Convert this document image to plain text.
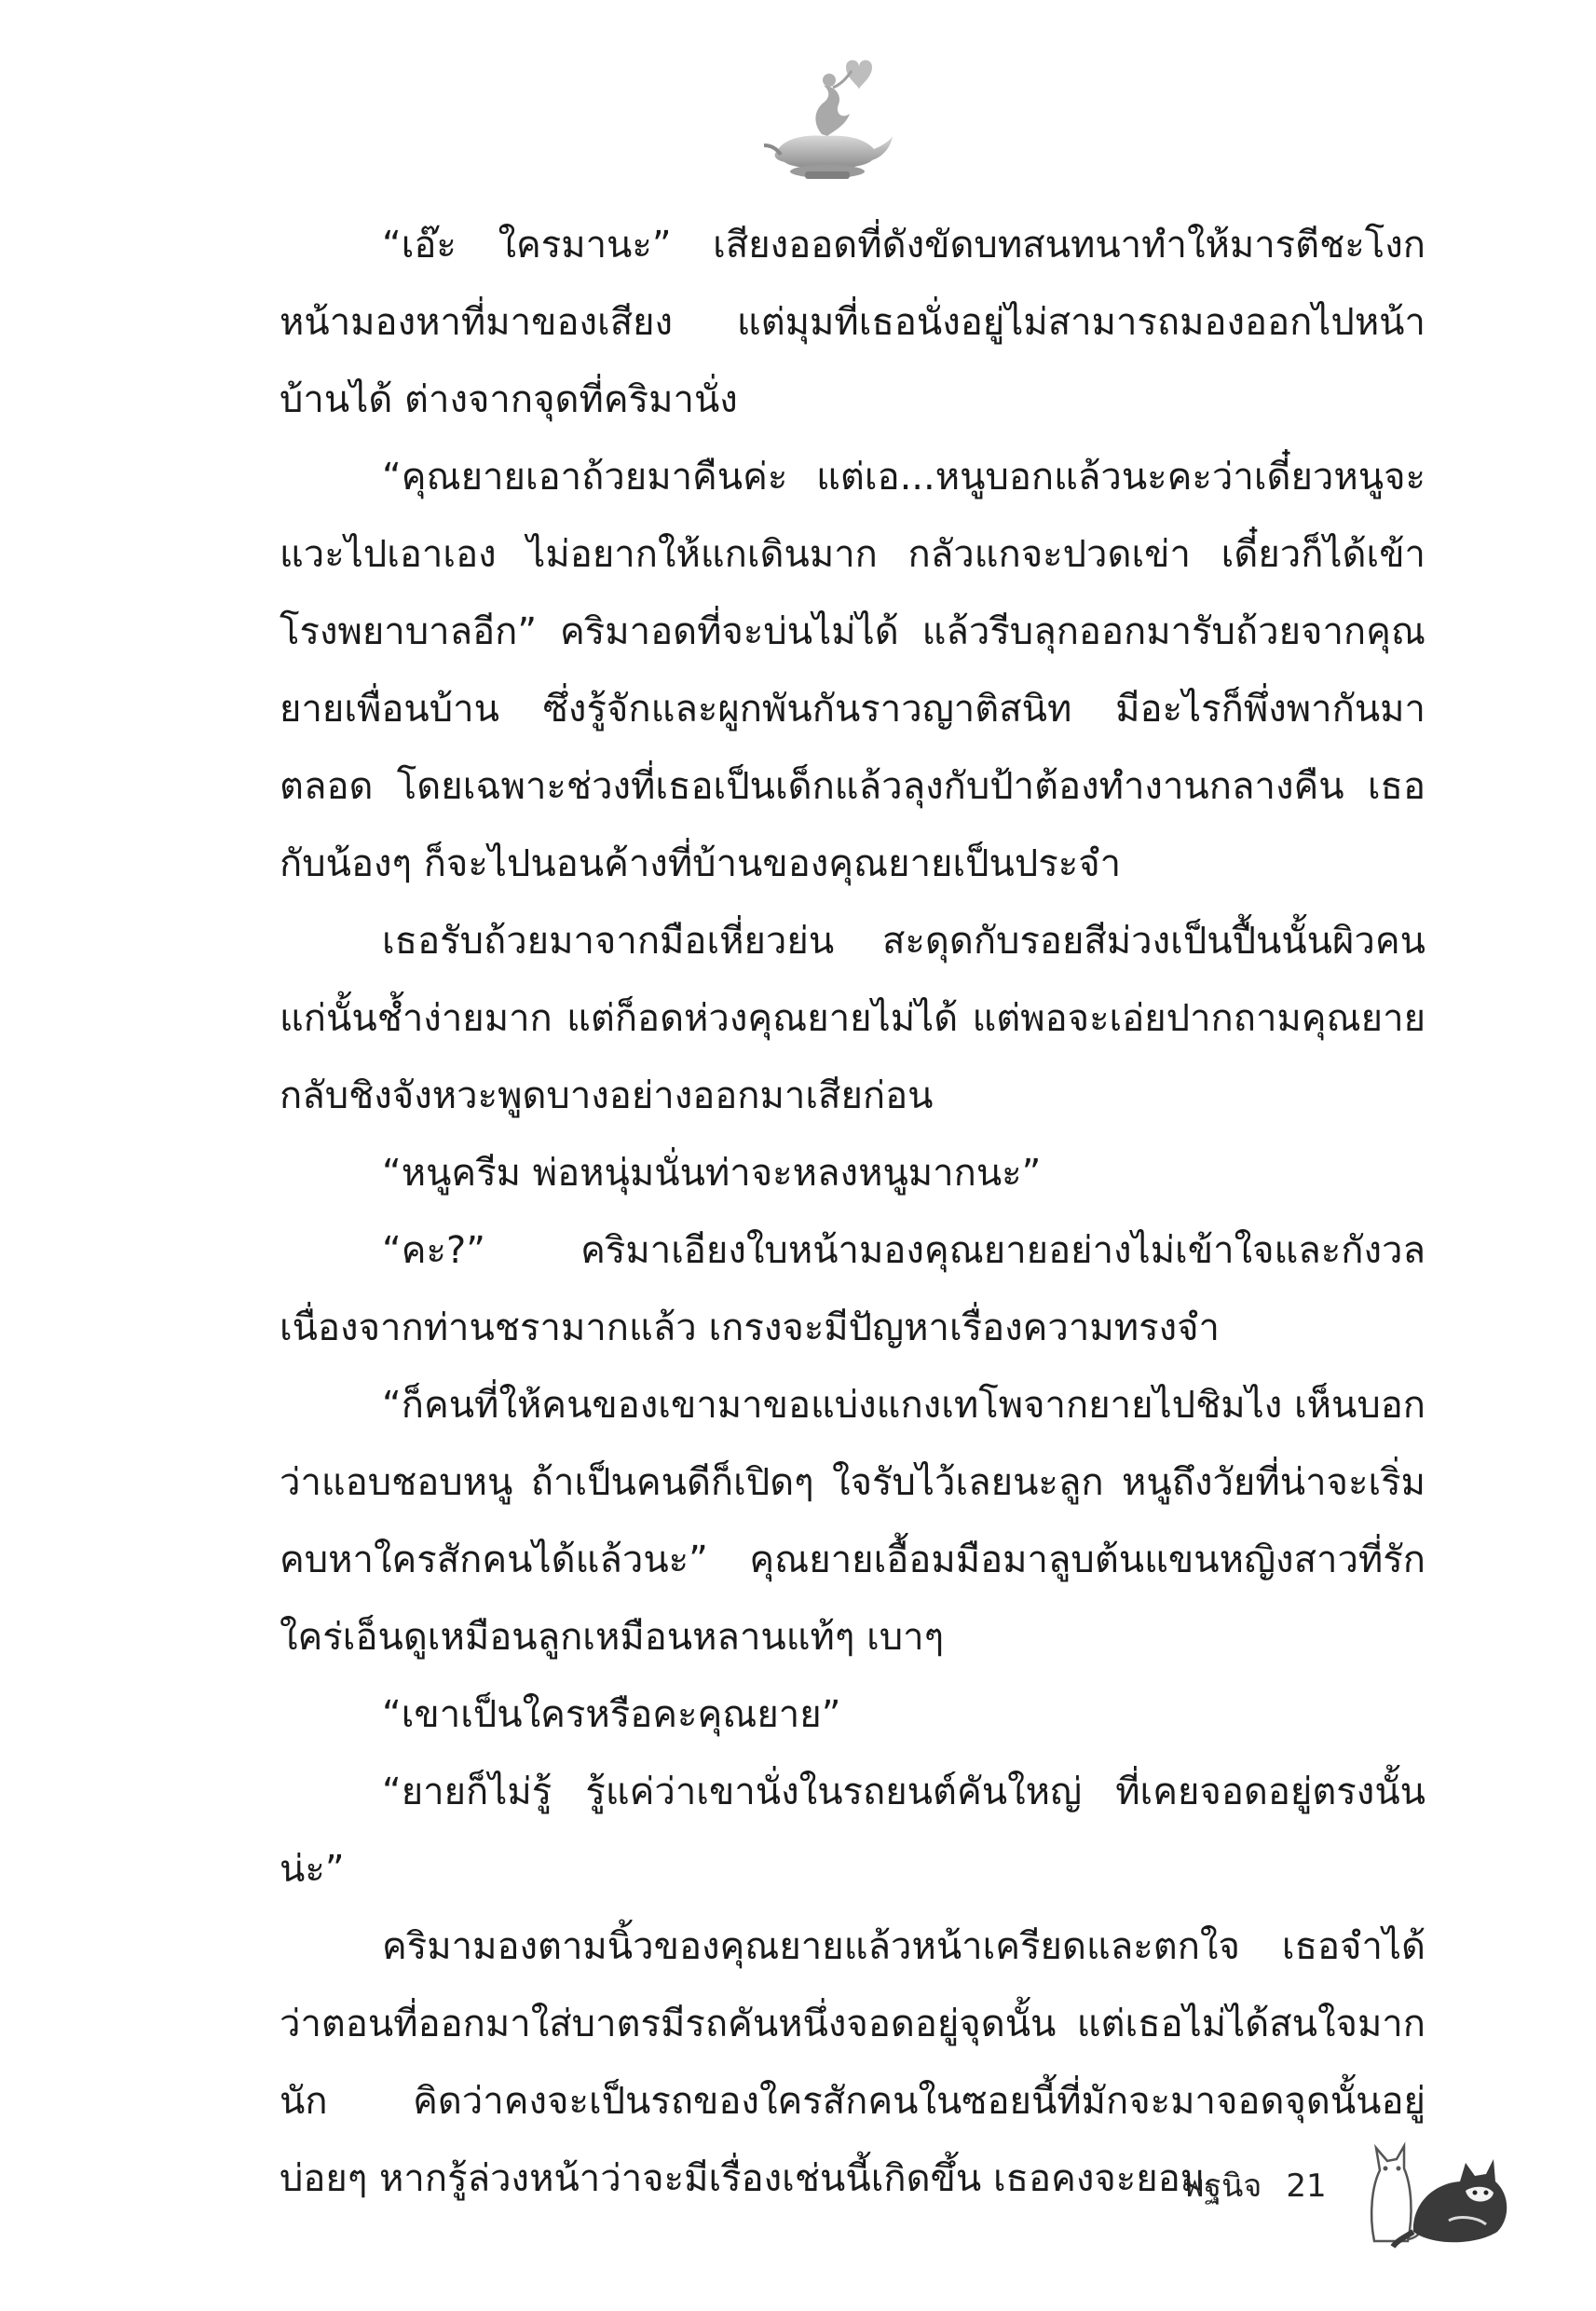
“เอ๊ะ ใครมานะ” เสียงออดที่ดังขัดบทสนทนาทำให้มารตีชะโงกหน้ามองหาที่มาของเสียง แต่มุมที่เธอนั่งอยู่ไม่สามารถมองออกไปหน้าบ้านได้ ต่างจากจุดที่คริมานั่ง

“คุณยายเอาถ้วยมาคืนค่ะ แต่เอ...หนูบอกแล้วนะคะว่าเดี๋ยวหนูจะแวะไปเอาเอง ไม่อยากให้แกเดินมาก กลัวแกจะปวดเข่า เดี๋ยวก็ได้เข้าโรงพยาบาลอีก” คริมาอดที่จะบ่นไม่ได้ แล้วรีบลุกออกมารับถ้วยจากคุณยายเพื่อนบ้าน ซึ่งรู้จักและผูกพันกันราวญาติสนิท มีอะไรก็พึ่งพากันมาตลอด โดยเฉพาะช่วงที่เธอเป็นเด็กแล้วลุงกับป้าต้องทำงานกลางคืน เธอกับน้องๆ ก็จะไปนอนค้างที่บ้านของคุณยายเป็นประจำ

เธอรับถ้วยมาจากมือเหี่ยวย่น สะดุดกับรอยสีม่วงเป็นปื้นนั้นผิวคนแก่นั้นช้ำง่ายมาก แต่ก็อดห่วงคุณยายไม่ได้ แต่พอจะเอ่ยปากถามคุณยายกลับชิงจังหวะพูดบางอย่างออกมาเสียก่อน

“หนูครีม พ่อหนุ่มนั่นท่าจะหลงหนูมากนะ”

“คะ?” คริมาเอียงใบหน้ามองคุณยายอย่างไม่เข้าใจและกังวลเนื่องจากท่านชรามากแล้ว เกรงจะมีปัญหาเรื่องความทรงจำ

“ก็คนที่ให้คนของเขามาขอแบ่งแกงเทโพจากยายไปชิมไง เห็นบอกว่าแอบชอบหนู ถ้าเป็นคนดีก็เปิดๆ ใจรับไว้เลยนะลูก หนูถึงวัยที่น่าจะเริ่มคบหาใครสักคนได้แล้วนะ” คุณยายเอื้อมมือมาลูบต้นแขนหญิงสาวที่รักใคร่เอ็นดูเหมือนลูกเหมือนหลานแท้ๆ เบาๆ

“เขาเป็นใครหรือคะคุณยาย”

“ยายก็ไม่รู้ รู้แค่ว่าเขานั่งในรถยนต์คันใหญ่ ที่เคยจอดอยู่ตรงนั้นน่ะ”

คริมามองตามนิ้วของคุณยายแล้วหน้าเครียดและตกใจ เธอจำได้ว่าตอนที่ออกมาใส่บาตรมีรถคันหนึ่งจอดอยู่จุดนั้น แต่เธอไม่ได้สนใจมากนัก คิดว่าคงจะเป็นรถของใครสักคนในซอยนี้ที่มักจะมาจอดจุดนั้นอยู่บ่อยๆ หากรู้ล่วงหน้าว่าจะมีเรื่องเช่นนี้เกิดขึ้น เธอคงจะยอม

พฐนิจ 21
